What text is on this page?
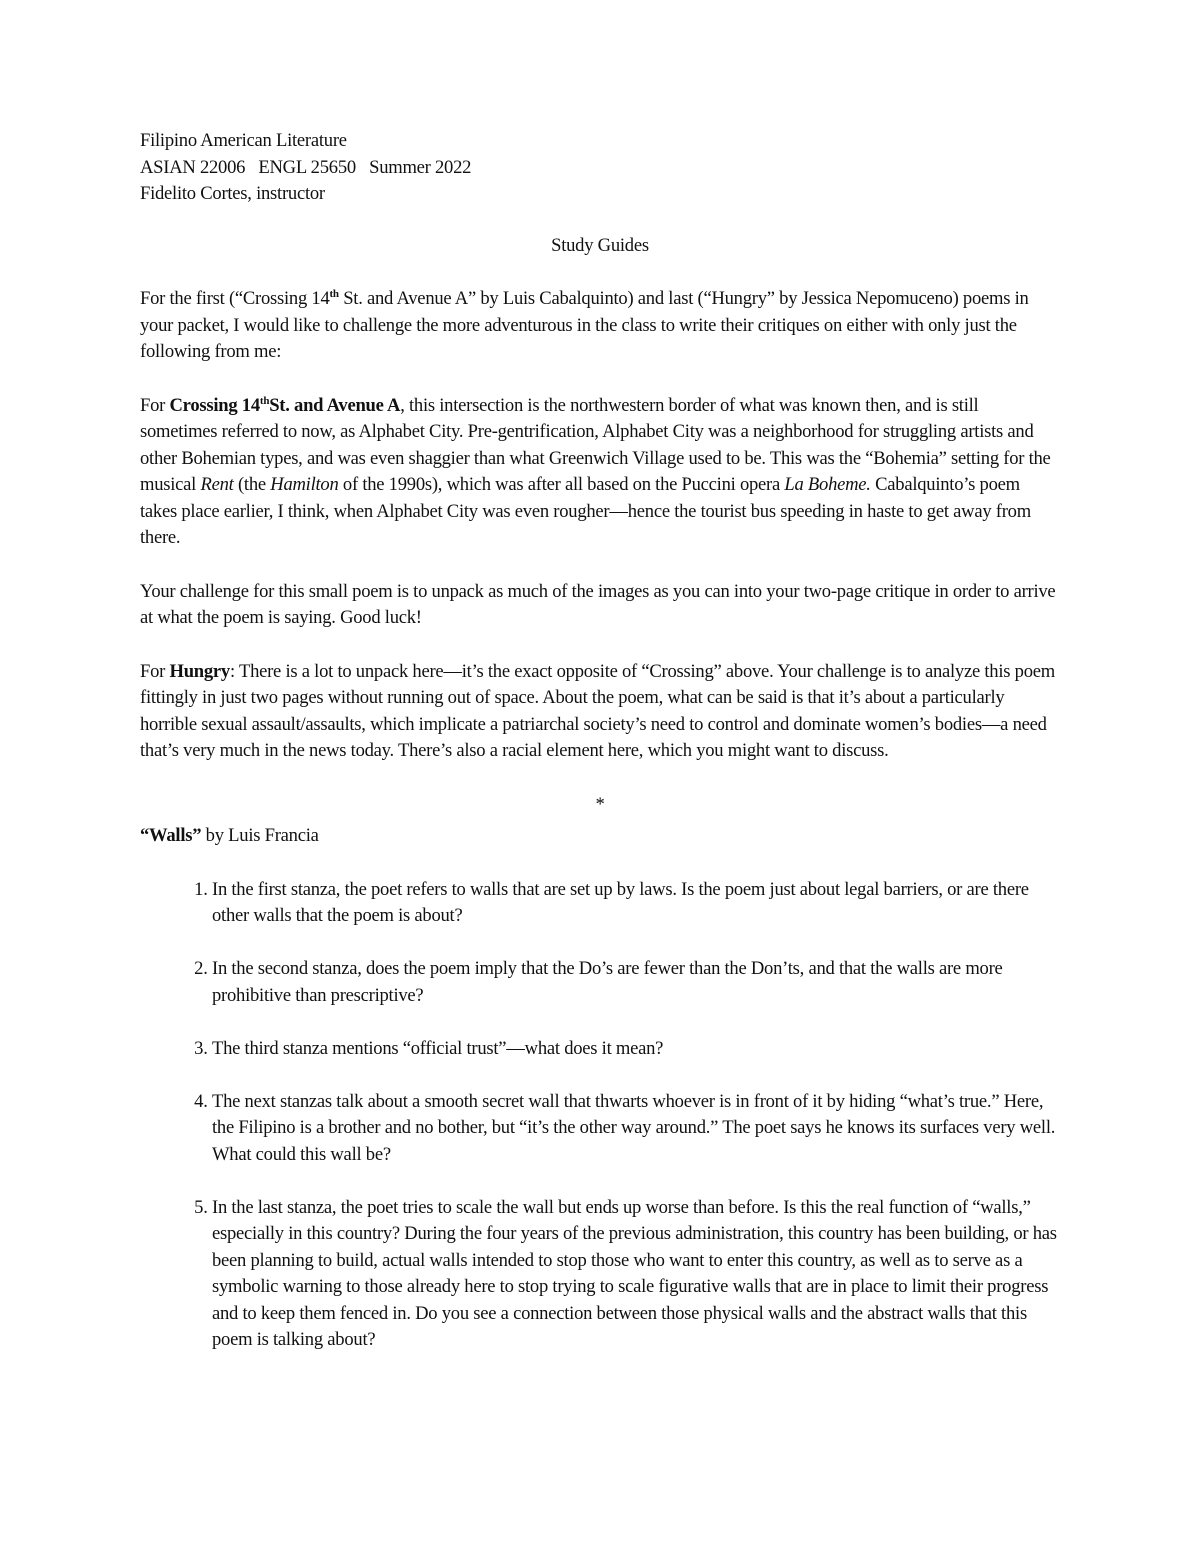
Filipino American Literature

ASIAN 22006   ENGL 25650   Summer 2022

Fidelito Cortes, instructor

Study Guides

For the first (“Crossing 14th St. and Avenue A” by Luis Cabalquinto) and last (“Hungry” by Jessica Nepomuceno) poems in your packet, I would like to challenge the more adventurous in the class to write their critiques on either with only just the following from me:

For Crossing 14thSt. and Avenue A, this intersection is the northwestern border of what was known then, and is still sometimes referred to now, as Alphabet City. Pre-gentrification, Alphabet City was a neighborhood for struggling artists and other Bohemian types, and was even shaggier than what Greenwich Village used to be. This was the “Bohemia” setting for the musical Rent (the Hamilton of the 1990s), which was after all based on the Puccini opera La Boheme. Cabalquinto’s poem takes place earlier, I think, when Alphabet City was even rougher—hence the tourist bus speeding in haste to get away from there.

Your challenge for this small poem is to unpack as much of the images as you can into your two-page critique in order to arrive at what the poem is saying. Good luck!

For Hungry: There is a lot to unpack here—it’s the exact opposite of “Crossing” above. Your challenge is to analyze this poem fittingly in just two pages without running out of space. About the poem, what can be said is that it’s about a particularly horrible sexual assault/assaults, which implicate a patriarchal society’s need to control and dominate women’s bodies—a need that’s very much in the news today. There’s also a racial element here, which you might want to discuss.

*

“Walls” by Luis Francia

1. In the first stanza, the poet refers to walls that are set up by laws. Is the poem just about legal barriers, or are there other walls that the poem is about?
2. In the second stanza, does the poem imply that the Do’s are fewer than the Don’ts, and that the walls are more prohibitive than prescriptive?
3. The third stanza mentions “official trust”—what does it mean?
4. The next stanzas talk about a smooth secret wall that thwarts whoever is in front of it by hiding “what’s true.” Here, the Filipino is a brother and no bother, but “it’s the other way around.” The poet says he knows its surfaces very well. What could this wall be?
5. In the last stanza, the poet tries to scale the wall but ends up worse than before. Is this the real function of “walls,” especially in this country? During the four years of the previous administration, this country has been building, or has been planning to build, actual walls intended to stop those who want to enter this country, as well as to serve as a symbolic warning to those already here to stop trying to scale figurative walls that are in place to limit their progress and to keep them fenced in. Do you see a connection between those physical walls and the abstract walls that this poem is talking about?
